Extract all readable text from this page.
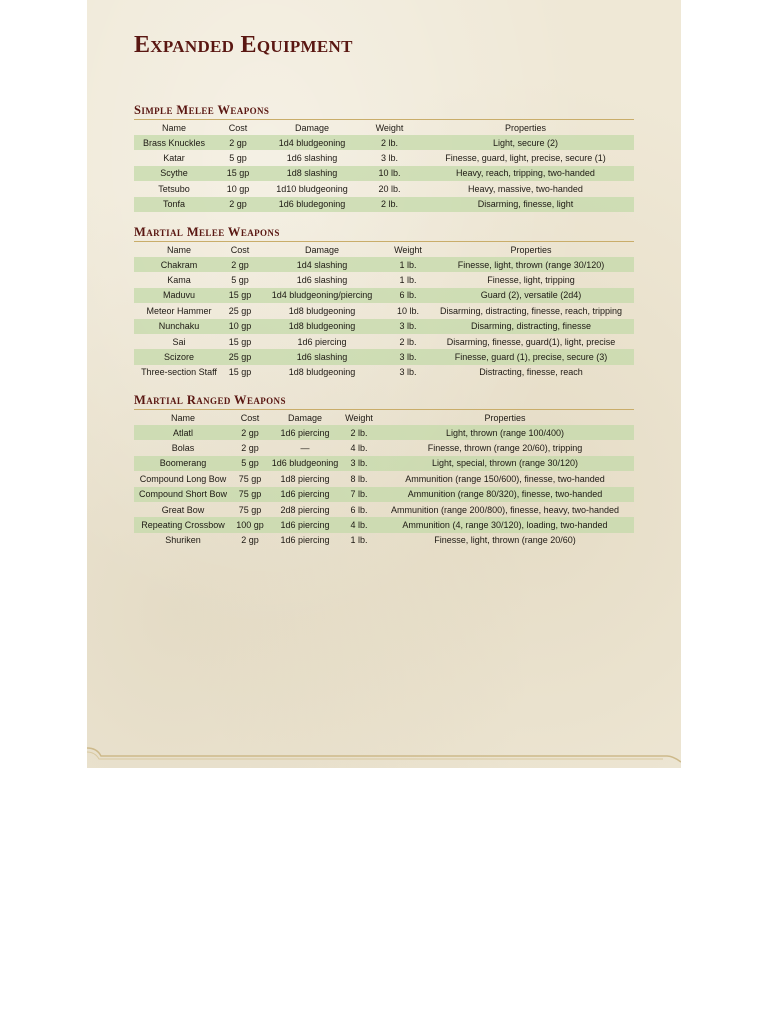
Expanded Equipment
Simple Melee Weapons
Name	Cost	Damage	Weight	Properties
Brass Knuckles	2 gp	1d4 bludgeoning	2 lb.	Light, secure (2)
Katar	5 gp	1d6 slashing	3 lb.	Finesse, guard, light, precise, secure (1)
Scythe	15 gp	1d8 slashing	10 lb.	Heavy, reach, tripping, two-handed
Tetsubo	10 gp	1d10 bludgeoning	20 lb.	Heavy, massive, two-handed
Tonfa	2 gp	1d6 bludegoning	2 lb.	Disarming, finesse, light
Martial Melee Weapons
Name	Cost	Damage	Weight	Properties
Chakram	2 gp	1d4 slashing	1 lb.	Finesse, light, thrown (range 30/120)
Kama	5 gp	1d6 slashing	1 lb.	Finesse, light, tripping
Maduvu	15 gp	1d4 bludgeoning/piercing	6 lb.	Guard (2), versatile (2d4)
Meteor Hammer	25 gp	1d8 bludgeoning	10 lb.	Disarming, distracting, finesse, reach, tripping
Nunchaku	10 gp	1d8 bludgeoning	3 lb.	Disarming, distracting, finesse
Sai	15 gp	1d6 piercing	2 lb.	Disarming, finesse, guard(1), light, precise
Scizore	25 gp	1d6 slashing	3 lb.	Finesse, guard (1), precise, secure (3)
Three-section Staff	15 gp	1d8 bludgeoning	3 lb.	Distracting, finesse, reach
Martial Ranged Weapons
Name	Cost	Damage	Weight	Properties
Atlatl	2 gp	1d6 piercing	2 lb.	Light, thrown (range 100/400)
Bolas	2 gp	—	4 lb.	Finesse, thrown (range 20/60), tripping
Boomerang	5 gp	1d6 bludgeoning	3 lb.	Light, special, thrown (range 30/120)
Compound Long Bow	75 gp	1d8 piercing	8 lb.	Ammunition (range 150/600), finesse, two-handed
Compound Short Bow	75 gp	1d6 piercing	7 lb.	Ammunition (range 80/320), finesse, two-handed
Great Bow	75 gp	2d8 piercing	6 lb.	Ammunition (range 200/800), finesse, heavy, two-handed
Repeating Crossbow	100 gp	1d6 piercing	4 lb.	Ammunition (4, range 30/120), loading, two-handed
Shuriken	2 gp	1d6 piercing	1 lb.	Finesse, light, thrown (range 20/60)
